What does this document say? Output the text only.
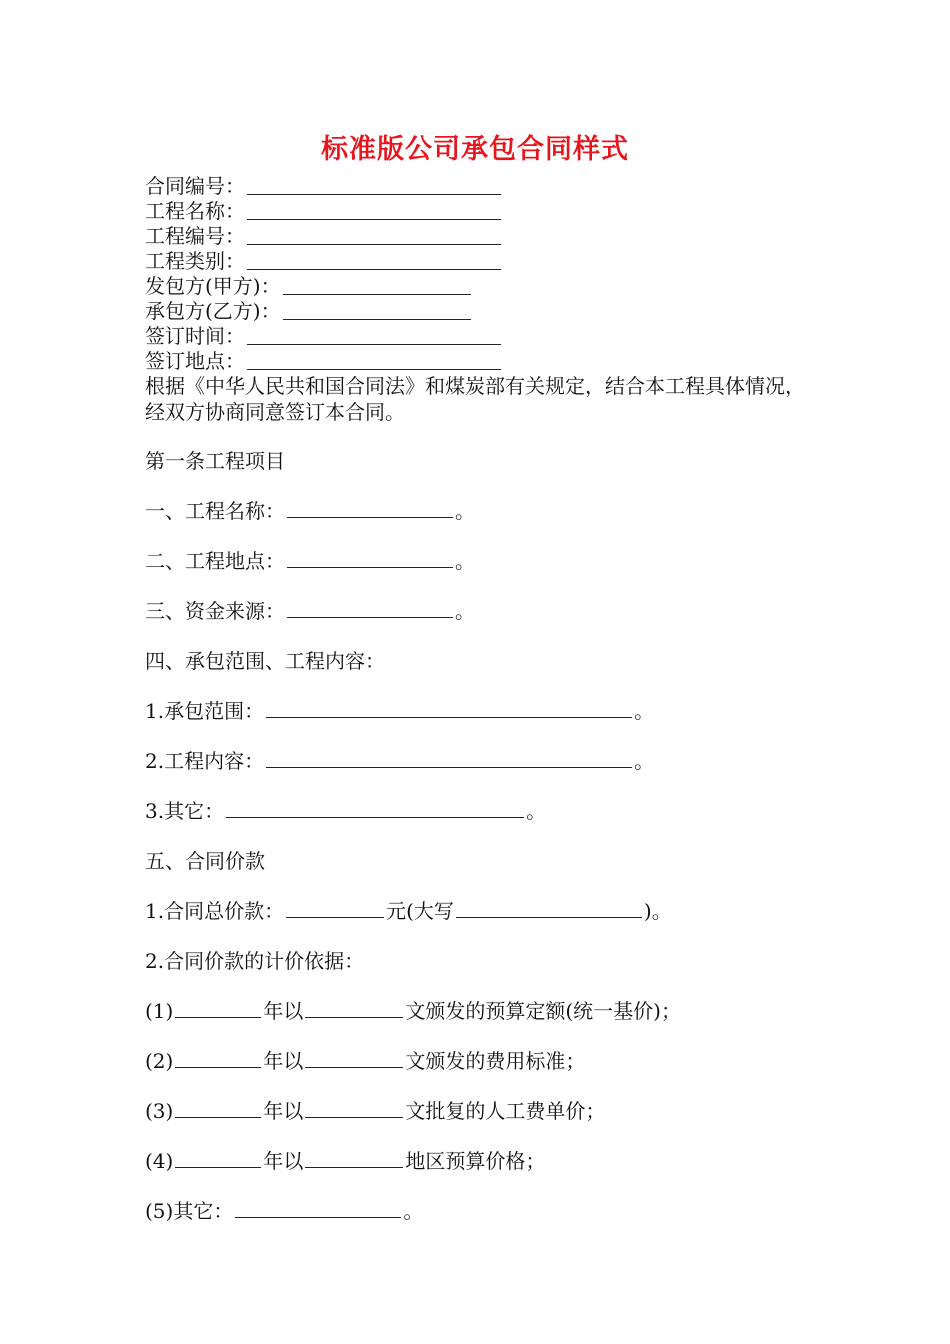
标准版公司承包合同样式
合同编号：
工程名称：
工程编号：
工程类别：
发包方(甲方)：
承包方(乙方)：
签订时间：
签订地点：
根据《中华人民共和国合同法》和煤炭部有关规定，结合本工程具体情况，经双方协商同意签订本合同。
第一条工程项目
一、工程名称：	。
二、工程地点：	。
三、资金来源：	。
四、承包范围、工程内容：
1.承包范围：	。
2.工程内容：	。
3.其它：	。
五、合同价款
1.合同总价款：	元(大写	)。
2.合同价款的计价依据：
(1)	年以	文颁发的预算定额(统一基价)；
(2)	年以	文颁发的费用标准；
(3)	年以	文批复的人工费单价；
(4)	年以	地区预算价格；
(5)其它：	。
